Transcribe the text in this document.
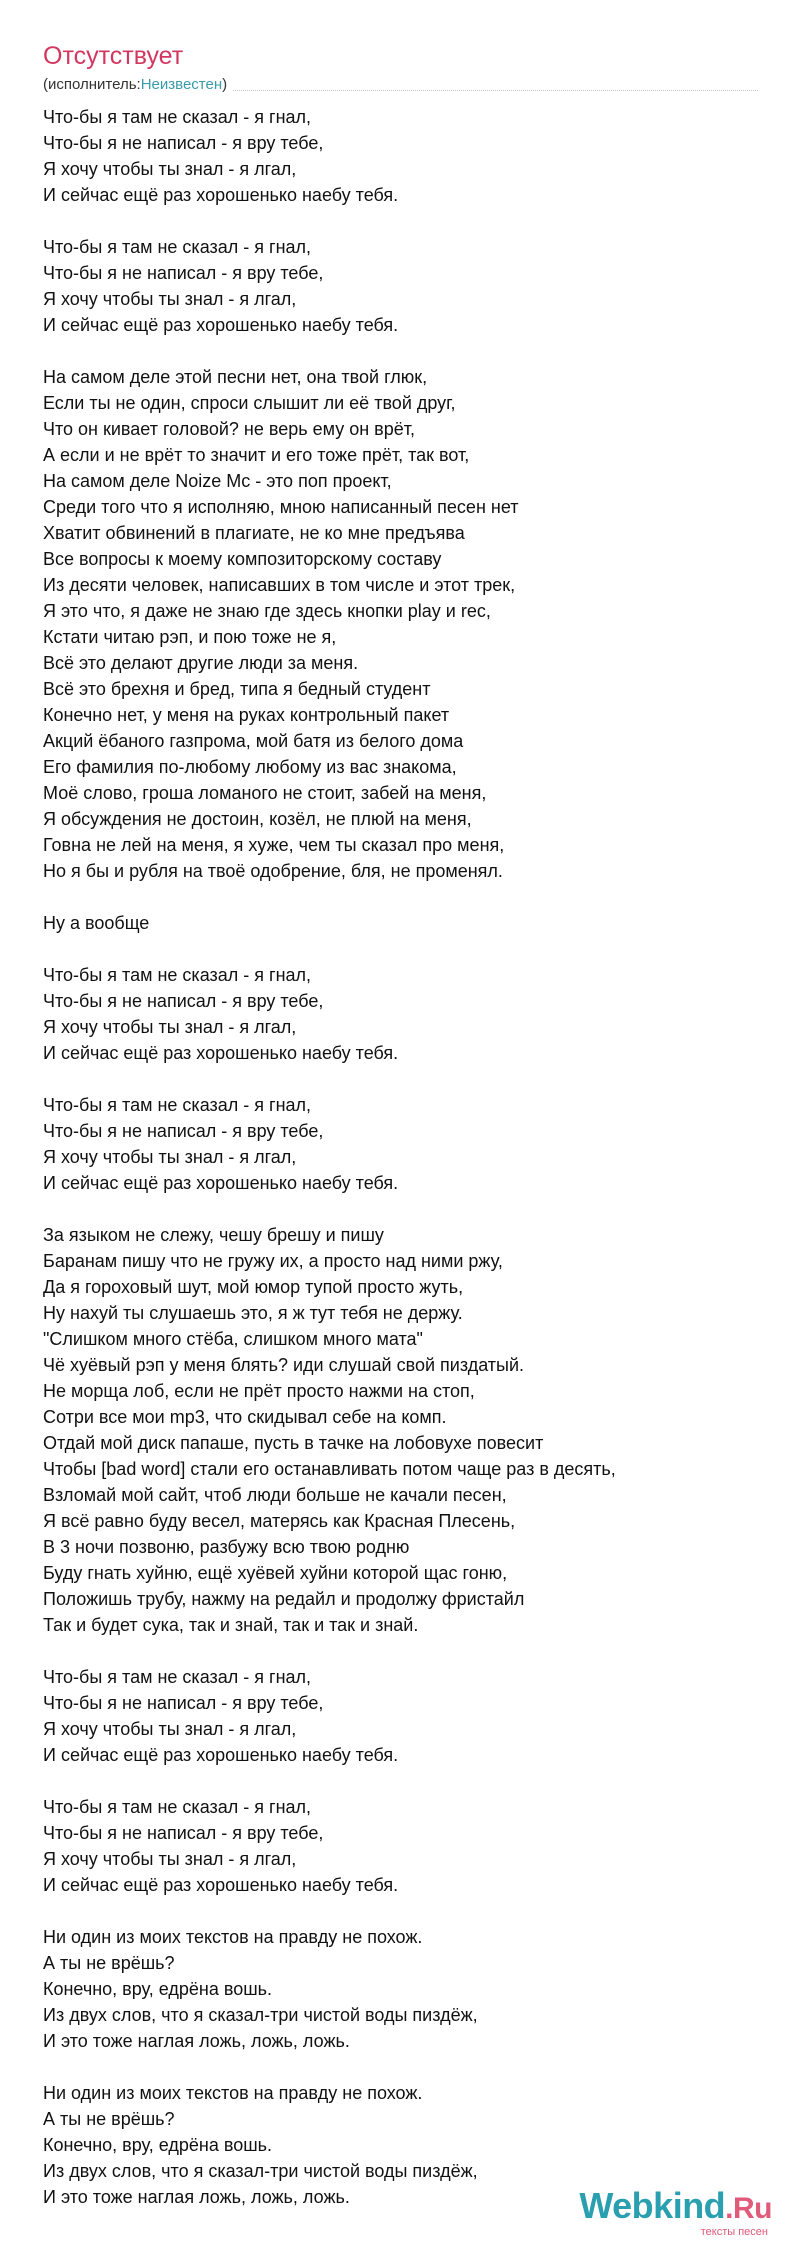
Отсутствует
(исполнитель: Неизвестен )
Что-бы я там не сказал - я гнал,
Что-бы я не написал - я вру тебе,
Я хочу чтобы ты знал - я лгал,
И сейчас ещё раз хорошенько наебу тебя.
Что-бы я там не сказал - я гнал,
Что-бы я не написал - я вру тебе,
Я хочу чтобы ты знал - я лгал,
И сейчас ещё раз хорошенько наебу тебя.
На самом деле этой песни нет, она твой глюк,
Если ты не один, спроси слышит ли её твой друг,
Что он кивает головой? не верь ему он врёт,
А если и не врёт то значит и его тоже прёт, так вот,
На самом деле Noize Mc - это поп проект,
Среди того что я исполняю, мною написанный песен нет
Хватит обвинений в плагиате, не ко мне предъява
Все вопросы к моему композиторскому составу
Из десяти человек, написавших в том числе и этот трек,
Я это что, я даже не знаю где здесь кнопки play и rec,
Кстати читаю рэп, и пою тоже не я,
Всё это делают другие люди за меня.
Всё это брехня и бред, типа я бедный студент
Конечно нет, у меня на руках контрольный пакет
Акций ёбаного газпрома, мой батя из белого дома
Его фамилия по-любому любому из вас знакома,
Моё слово, гроша ломаного не стоит, забей на меня,
Я обсуждения не достоин, козёл, не плюй на меня,
Говна не лей на меня, я хуже, чем ты сказал про меня,
Но я бы и рубля на твоё одобрение, бля, не променял.
Ну а вообще
Что-бы я там не сказал - я гнал,
Что-бы я не написал - я вру тебе,
Я хочу чтобы ты знал - я лгал,
И сейчас ещё раз хорошенько наебу тебя.
Что-бы я там не сказал - я гнал,
Что-бы я не написал - я вру тебе,
Я хочу чтобы ты знал - я лгал,
И сейчас ещё раз хорошенько наебу тебя.
За языком не слежу, чешу брешу и пишу
Баранам пишу что не гружу их, а просто над ними ржу,
Да я гороховый шут, мой юмор тупой просто жуть,
Ну нахуй ты слушаешь это, я ж тут тебя не держу.
"Слишком много стёба, слишком много мата"
Чё хуёвый рэп у меня блять? иди слушай свой пиздатый.
Не морща лоб, если не прёт просто нажми на стоп,
Сотри все мои mp3, что скидывал себе на комп.
Отдай мой диск папаше, пусть в тачке на лобовухе повесит
Чтобы [bad word] стали его останавливать потом чаще раз в десять,
Взломай мой сайт, чтоб люди больше не качали песен,
Я всё равно буду весел, матерясь как Красная Плесень,
В 3 ночи позвоню, разбужу всю твою родню
Буду гнать хуйню, ещё хуёвей хуйни которой щас гоню,
Положишь трубу, нажму на редайл и продолжу фристайл
Так и будет сука, так и знай, так и так и знай.
Что-бы я там не сказал - я гнал,
Что-бы я не написал - я вру тебе,
Я хочу чтобы ты знал - я лгал,
И сейчас ещё раз хорошенько наебу тебя.
Что-бы я там не сказал - я гнал,
Что-бы я не написал - я вру тебе,
Я хочу чтобы ты знал - я лгал,
И сейчас ещё раз хорошенько наебу тебя.
Ни один из моих текстов на правду не похож.
А ты не врёшь?
Конечно, вру, едрёна вошь.
Из двух слов, что я сказал-три чистой воды пиздёж,
И это тоже наглая ложь, ложь, ложь.
Ни один из моих текстов на правду не похож.
А ты не врёшь?
Конечно, вру, едрёна вошь.
Из двух слов, что я сказал-три чистой воды пиздёж,
И это тоже наглая ложь, ложь, ложь.	Webkind.Ru
тексты песен
